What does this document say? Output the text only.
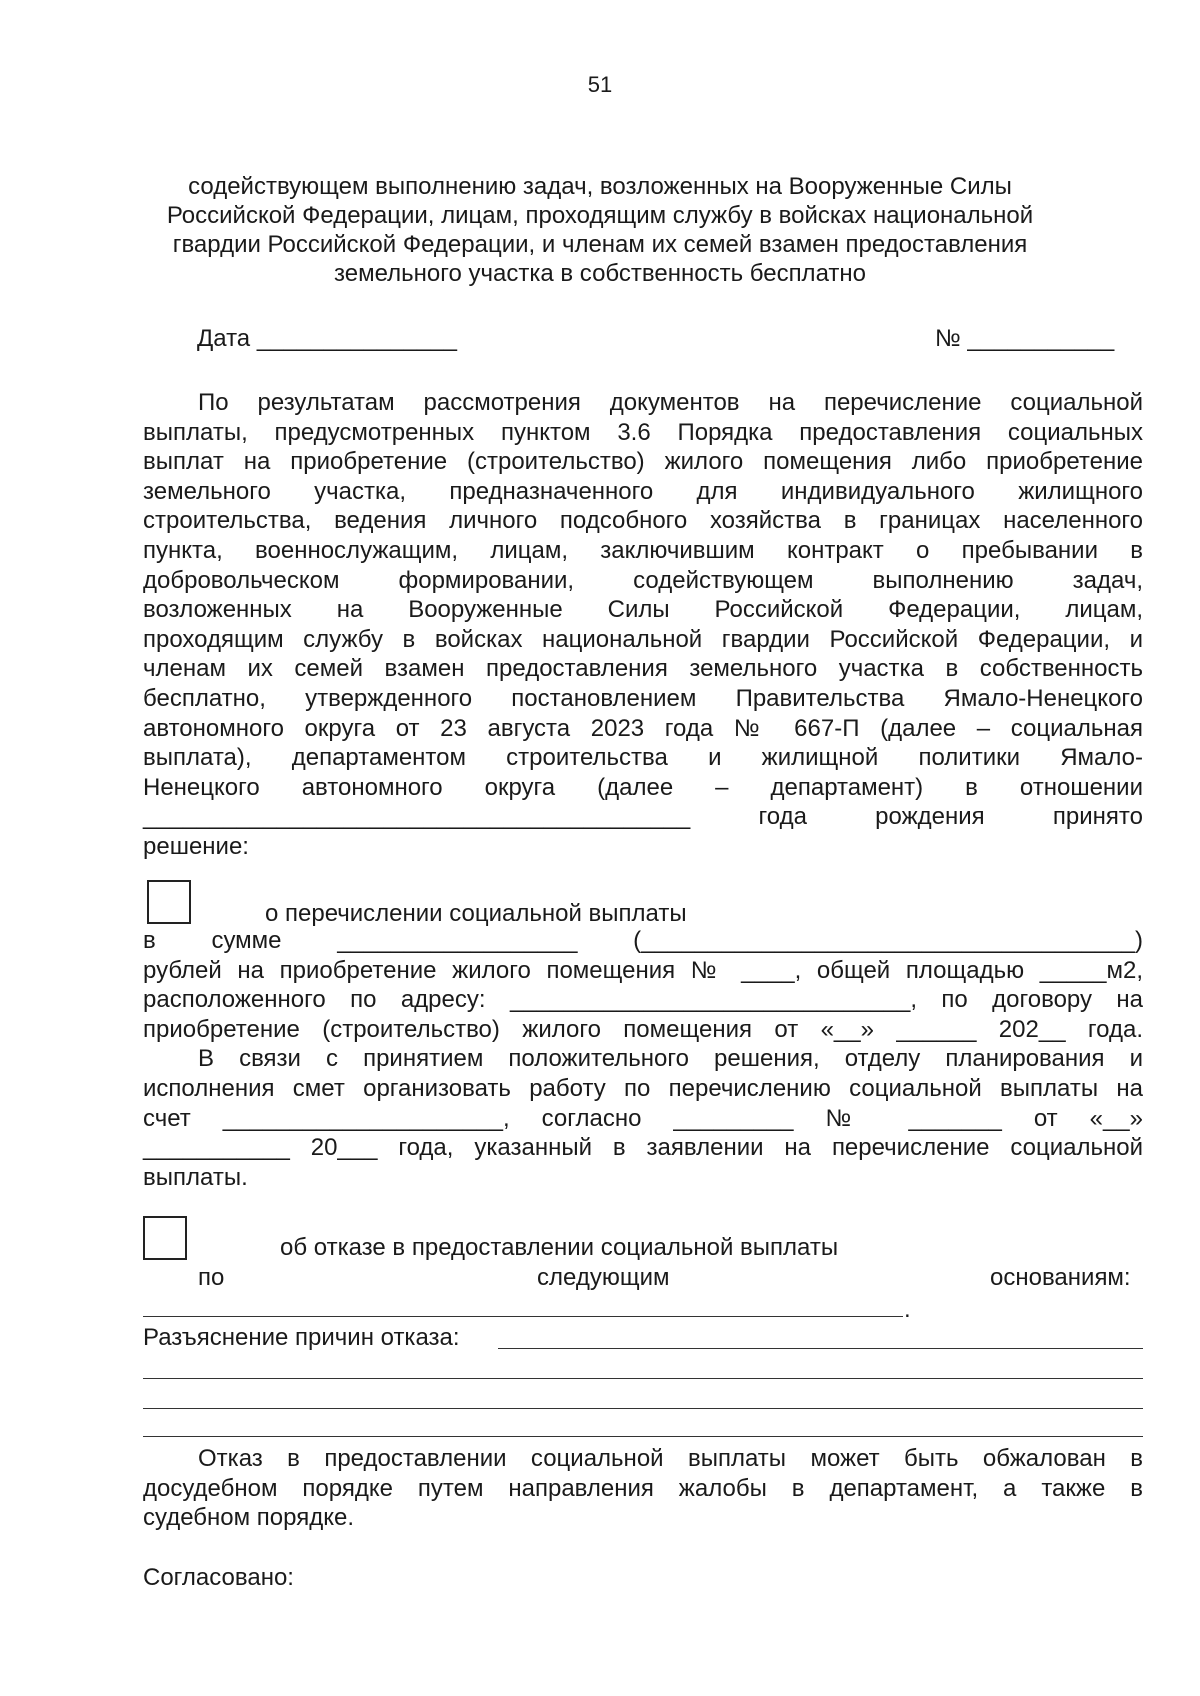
51
содействующем выполнению задач, возложенных на Вооруженные Силы
Российской Федерации, лицам, проходящим службу в войсках национальной
гвардии Российской Федерации, и членам их семей взамен предоставления
земельного участка в собственность бесплатно
Дата _______________	№ ___________
По результатам рассмотрения документов на перечисление социальной
выплаты, предусмотренных пунктом 3.6 Порядка предоставления социальных
выплат на приобретение (строительство) жилого помещения либо приобретение
земельного участка, предназначенного для индивидуального жилищного
строительства, ведения личного подсобного хозяйства в границах населенного
пункта, военнослужащим, лицам, заключившим контракт о пребывании в
добровольческом формировании, содействующем выполнению задач,
возложенных на Вооруженные Силы Российской Федерации, лицам,
проходящим службу в войсках национальной гвардии Российской Федерации, и
членам их семей взамен предоставления земельного участка в собственность
бесплатно, утвержденного постановлением Правительства Ямало-Ненецкого
автономного округа от 23 августа 2023 года № 667-П (далее – социальная
выплата), департаментом строительства и жилищной политики Ямало-
Ненецкого автономного округа (далее – департамент) в отношении
_________________________________________ года рождения принято
решение:
о перечислении социальной выплаты
в сумме __________________ (_____________________________________)
рублей на приобретение жилого помещения № ____, общей площадью _____м2,
расположенного по адресу: ______________________________, по договору на
приобретение (строительство) жилого помещения от «__» ______ 202__ года.
В связи с принятием положительного решения, отделу планирования и
исполнения смет организовать работу по перечислению социальной выплаты на
счет _____________________, согласно _________ № _______ от «__»
___________ 20___ года, указанный в заявлении на перечисление социальной
выплаты.
об отказе в предоставлении социальной выплаты
по	следующим	основаниям:
.
Разъяснение причин отказа:
Отказ в предоставлении социальной выплаты может быть обжалован в
досудебном порядке путем направления жалобы в департамент, а также в
судебном порядке.
Согласовано:
